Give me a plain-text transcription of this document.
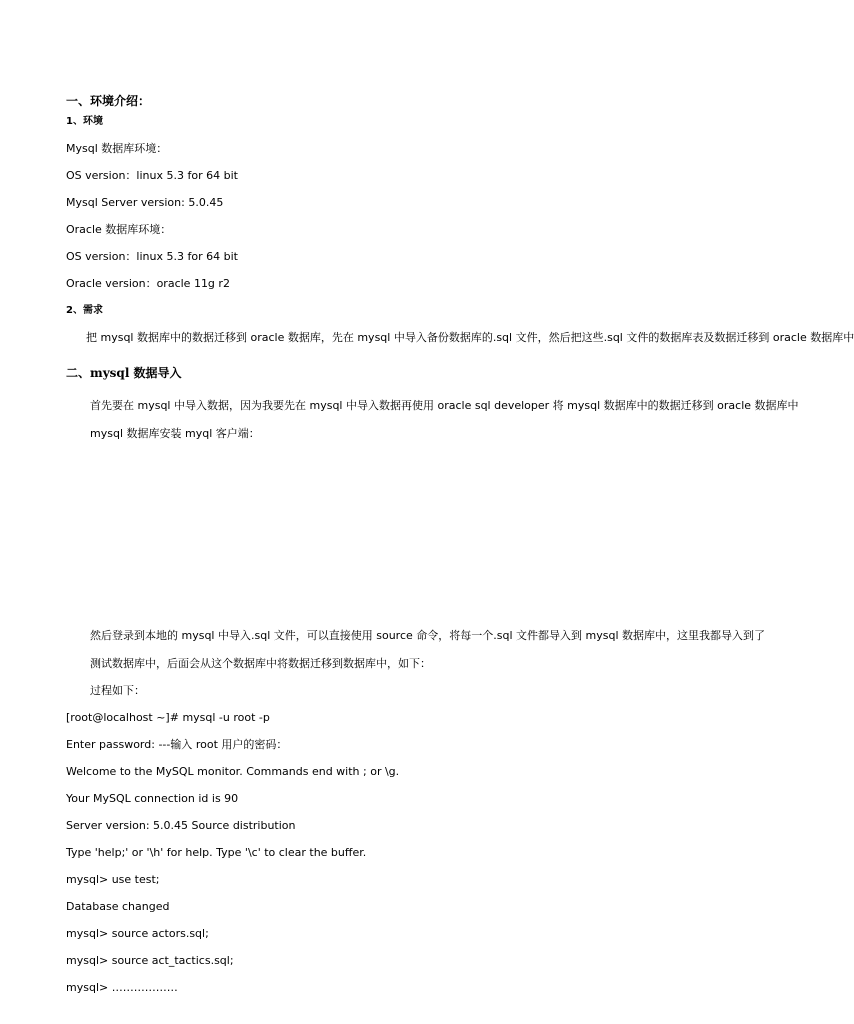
一、环境介绍：
1、环境
Mysql 数据库环境：
OS version：linux 5.3 for 64 bit
Mysql Server version: 5.0.45
Oracle 数据库环境：
OS version：linux 5.3 for 64 bit
Oracle version：oracle 11g r2
2、需求
把 mysql 数据库中的数据迁移到 oracle 数据库，先在 mysql 中导入备份数据库的.sql 文件，然后把这些.sql 文件的数据库表及数据迁移到 oracle 数据库中
二、mysql 数据导入
首先要在 mysql 中导入数据，因为我要先在 mysql 中导入数据再使用 oracle sql developer 将 mysql 数据库中的数据迁移到 oracle 数据库中
mysql 数据库安装 myql 客户端：
然后登录到本地的 mysql 中导入.sql 文件，可以直接使用 source 命令，将每一个.sql 文件都导入到 mysql 数据库中，这里我都导入到了
测试数据库中，后面会从这个数据库中将数据迁移到数据库中，如下：
过程如下：
[root@localhost ~]# mysql -u root -p
Enter password: ---输入 root 用户的密码：
Welcome to the MySQL monitor. Commands end with ; or \g.
Your MySQL connection id is 90
Server version: 5.0.45 Source distribution
Type 'help;' or '\h' for help. Type '\c' to clear the buffer.
mysql> use test;
Database changed
mysql> source actors.sql;
mysql> source act_tactics.sql;
mysql> ………………
